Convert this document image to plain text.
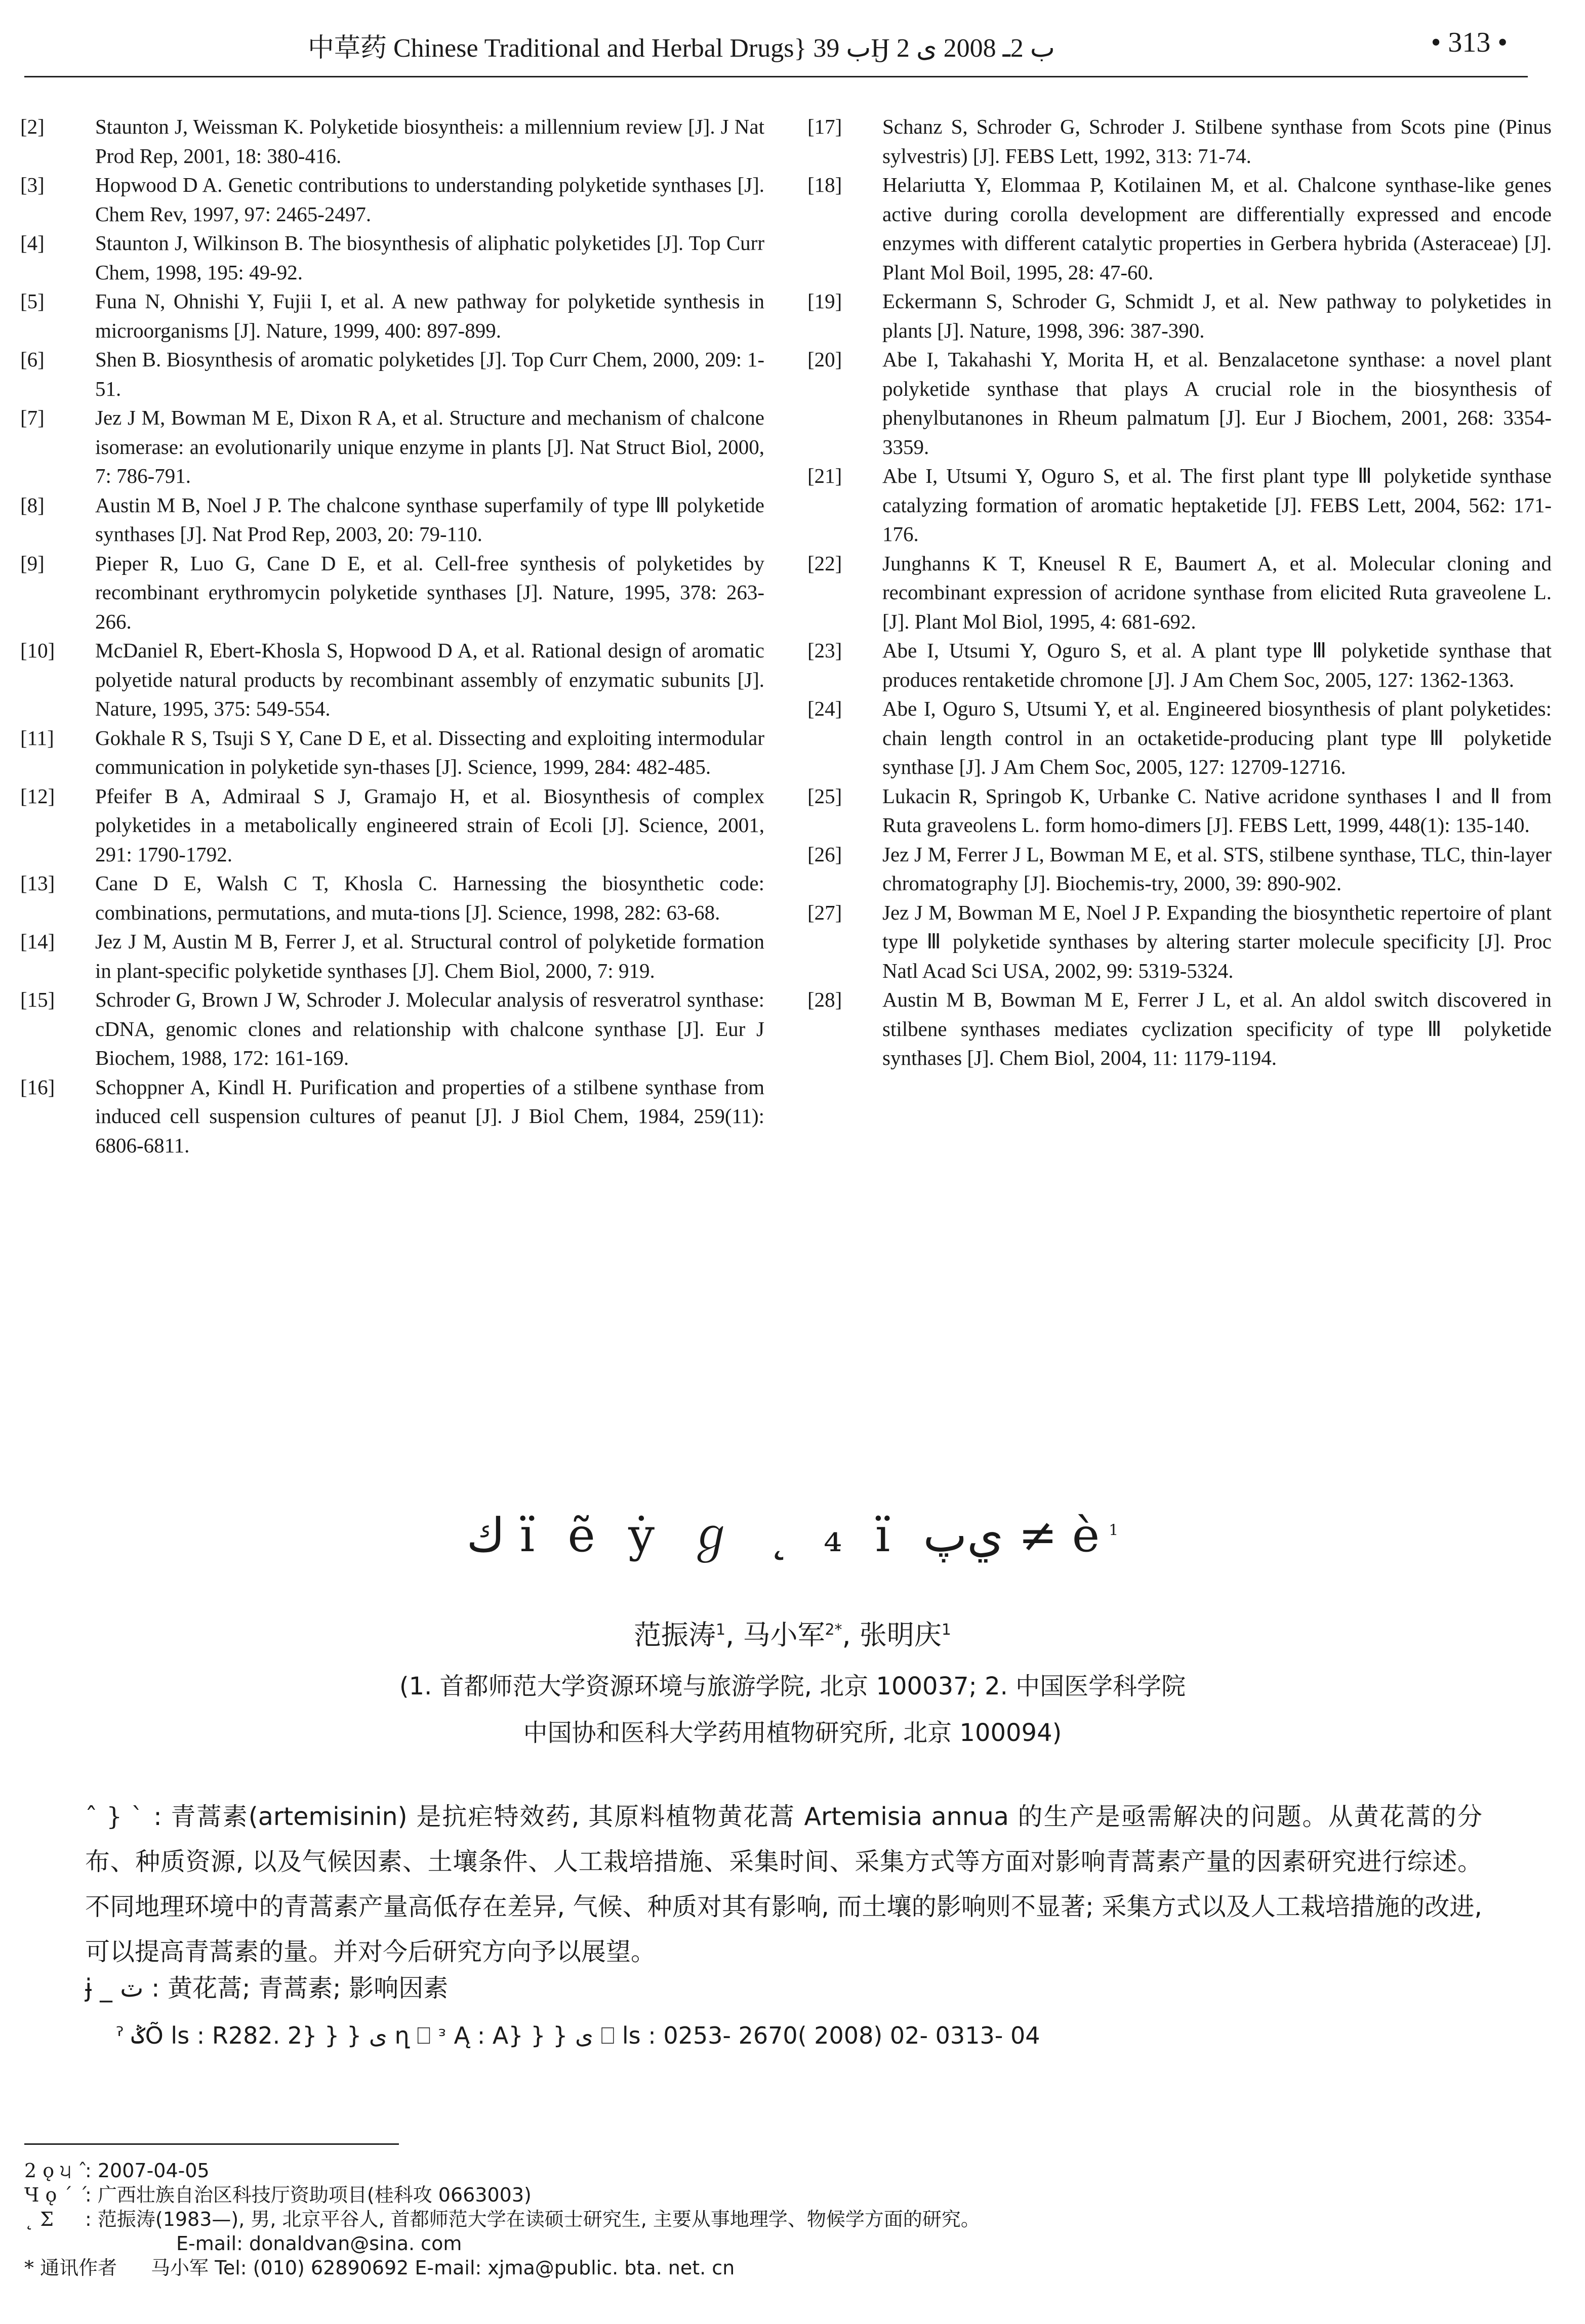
中草药 Chinese Traditional and Herbal Drugs} ﺏ 39Ӈ ﺏ 2ـ 2008 ﯼ 2	• 313 •
[2]	Staunton J, Weissman K. Polyketide biosyntheis: a millennium review [J]. J Nat Prod Rep, 2001, 18: 380-416.
[3]	Hopwood D A. Genetic contributions to understanding polyketide synthases [J]. Chem Rev, 1997, 97: 2465-2497.
[4]	Staunton J, Wilkinson B. The biosynthesis of aliphatic polyketides [J]. Top Curr Chem, 1998, 195: 49-92.
[5]	Funa N, Ohnishi Y, Fujii I, et al. A new pathway for polyketide synthesis in microorganisms [J]. Nature, 1999, 400: 897-899.
[6]	Shen B. Biosynthesis of aromatic polyketides [J]. Top Curr Chem, 2000, 209: 1-51.
[7]	Jez J M, Bowman M E, Dixon R A, et al. Structure and mechanism of chalcone isomerase: an evolutionarily unique enzyme in plants [J]. Nat Struct Biol, 2000, 7: 786-791.
[8]	Austin M B, Noel J P. The chalcone synthase superfamily of type Ⅲ polyketide synthases [J]. Nat Prod Rep, 2003, 20: 79-110.
[9]	Pieper R, Luo G, Cane D E, et al. Cell-free synthesis of polyketides by recombinant erythromycin polyketide synthases [J]. Nature, 1995, 378: 263-266.
[10]	McDaniel R, Ebert-Khosla S, Hopwood D A, et al. Rational design of aromatic polyetide natural products by recombinant assembly of enzymatic subunits [J]. Nature, 1995, 375: 549-554.
[11]	Gokhale R S, Tsuji S Y, Cane D E, et al. Dissecting and exploiting intermodular communication in polyketide syn-thases [J]. Science, 1999, 284: 482-485.
[12]	Pfeifer B A, Admiraal S J, Gramajo H, et al. Biosynthesis of complex polyketides in a metabolically engineered strain of Ecoli [J]. Science, 2001, 291: 1790-1792.
[13]	Cane D E, Walsh C T, Khosla C. Harnessing the biosynthetic code: combinations, permutations, and muta-tions [J]. Science, 1998, 282: 63-68.
[14]	Jez J M, Austin M B, Ferrer J, et al. Structural control of polyketide formation in plant-specific polyketide synthases [J]. Chem Biol, 2000, 7: 919.
[15]	Schroder G, Brown J W, Schroder J. Molecular analysis of resveratrol synthase: cDNA, genomic clones and relationship with chalcone synthase [J]. Eur J Biochem, 1988, 172: 161-169.
[16]	Schoppner A, Kindl H. Purification and properties of a stilbene synthase from induced cell suspension cultures of peanut [J]. J Biol Chem, 1984, 259(11): 6806-6811.
[17]	Schanz S, Schroder G, Schroder J. Stilbene synthase from Scots pine (Pinus sylvestris) [J]. FEBS Lett, 1992, 313: 71-74.
[18]	Helariutta Y, Elommaa P, Kotilainen M, et al. Chalcone synthase-like genes active during corolla development are differentially expressed and encode enzymes with different catalytic properties in Gerbera hybrida (Asteraceae) [J]. Plant Mol Boil, 1995, 28: 47-60.
[19]	Eckermann S, Schroder G, Schmidt J, et al. New pathway to polyketides in plants [J]. Nature, 1998, 396: 387-390.
[20]	Abe I, Takahashi Y, Morita H, et al. Benzalacetone synthase: a novel plant polyketide synthase that plays A crucial role in the biosynthesis of phenylbutanones in Rheum palmatum [J]. Eur J Biochem, 2001, 268: 3354-3359.
[21]	Abe I, Utsumi Y, Oguro S, et al. The first plant type Ⅲ polyketide synthase catalyzing formation of aromatic heptaketide [J]. FEBS Lett, 2004, 562: 171-176.
[22]	Junghanns K T, Kneusel R E, Baumert A, et al. Molecular cloning and recombinant expression of acridone synthase from elicited Ruta graveolene L. [J]. Plant Mol Biol, 1995, 4: 681-692.
[23]	Abe I, Utsumi Y, Oguro S, et al. A plant type Ⅲ polyketide synthase that produces rentaketide chromone [J]. J Am Chem Soc, 2005, 127: 1362-1363.
[24]	Abe I, Oguro S, Utsumi Y, et al. Engineered biosynthesis of plant polyketides: chain length control in an octaketide-producing plant type Ⅲ polyketide synthase [J]. J Am Chem Soc, 2005, 127: 12709-12716.
[25]	Lukacin R, Springob K, Urbanke C. Native acridone synthases Ⅰ and Ⅱ from Ruta graveolens L. form homo-dimers [J]. FEBS Lett, 1999, 448(1): 135-140.
[26]	Jez J M, Ferrer J L, Bowman M E, et al. STS, stilbene synthase, TLC, thin-layer chromatography [J]. Biochemis-try, 2000, 39: 890-902.
[27]	Jez J M, Bowman M E, Noel J P. Expanding the biosynthetic repertoire of plant type Ⅲ polyketide synthases by altering starter molecule specificity [J]. Proc Natl Acad Sci USA, 2002, 99: 5319-5324.
[28]	Austin M B, Bowman M E, Ferrer J L, et al. An aldol switch discovered in stilbene synthases mediates cyclization specificity of type Ⅲ polyketide synthases [J]. Chem Biol, 2004, 11: 1179-1194.
ك ï ẽ ẏ ℊ ˛ ₄ ï ﻱﭖ ≠ $è^1$
范振涛$^1$, 马小军$^{2*}$, 张明庆$^1$
(1. 首都师范大学资源环境与旅游学院, 北京 100037; 2. 中国医学科学院
中国协和医科大学药用植物研究所, 北京 100094)
ˆ } ˋ : 青蒿素(artemisinin) 是抗疟特效药, 其原料植物黄花蒿 Artemisia annua 的生产是亟需解决的问题。从黄花蒿的分布、种质资源, 以及气候因素、土壤条件、人工栽培措施、采集时间、采集方式等方面对影响青蒿素产量的因素研究进行综述。不同地理环境中的青蒿素产量高低存在差异, 气候、种质对其有影响, 而土壤的影响则不显著; 采集方式以及人工栽培措施的改进, 可以提高青蒿素的量。并对今后研究方向予以展望。
ɉ _ ٽ : 黄花蒿; 青蒿素; 影响因素
ˀ ݣÕ ls : R282. 2} } } ی ղ ⎕ ᵌ Ą : A} } } ی ⎕ ls : 0253- 2670( 2008) 02- 0313- 04
2 ǫ ੫ ˆ
: 2007-04-05
Ч ǫ ˊ ˊ
: 广西壮族自治区科技厅资助项目(桂科攻 0663003)
˛ Σ	: 范振涛(1983—), 男, 北京平谷人, 首都师范大学在读硕士研究生, 主要从事地理学、物候学方面的研究。
E-mail: donaldvan@sina. com
* 通讯作者 马小军 Tel: (010) 62890692 E-mail: xjma@public. bta. net. cn
